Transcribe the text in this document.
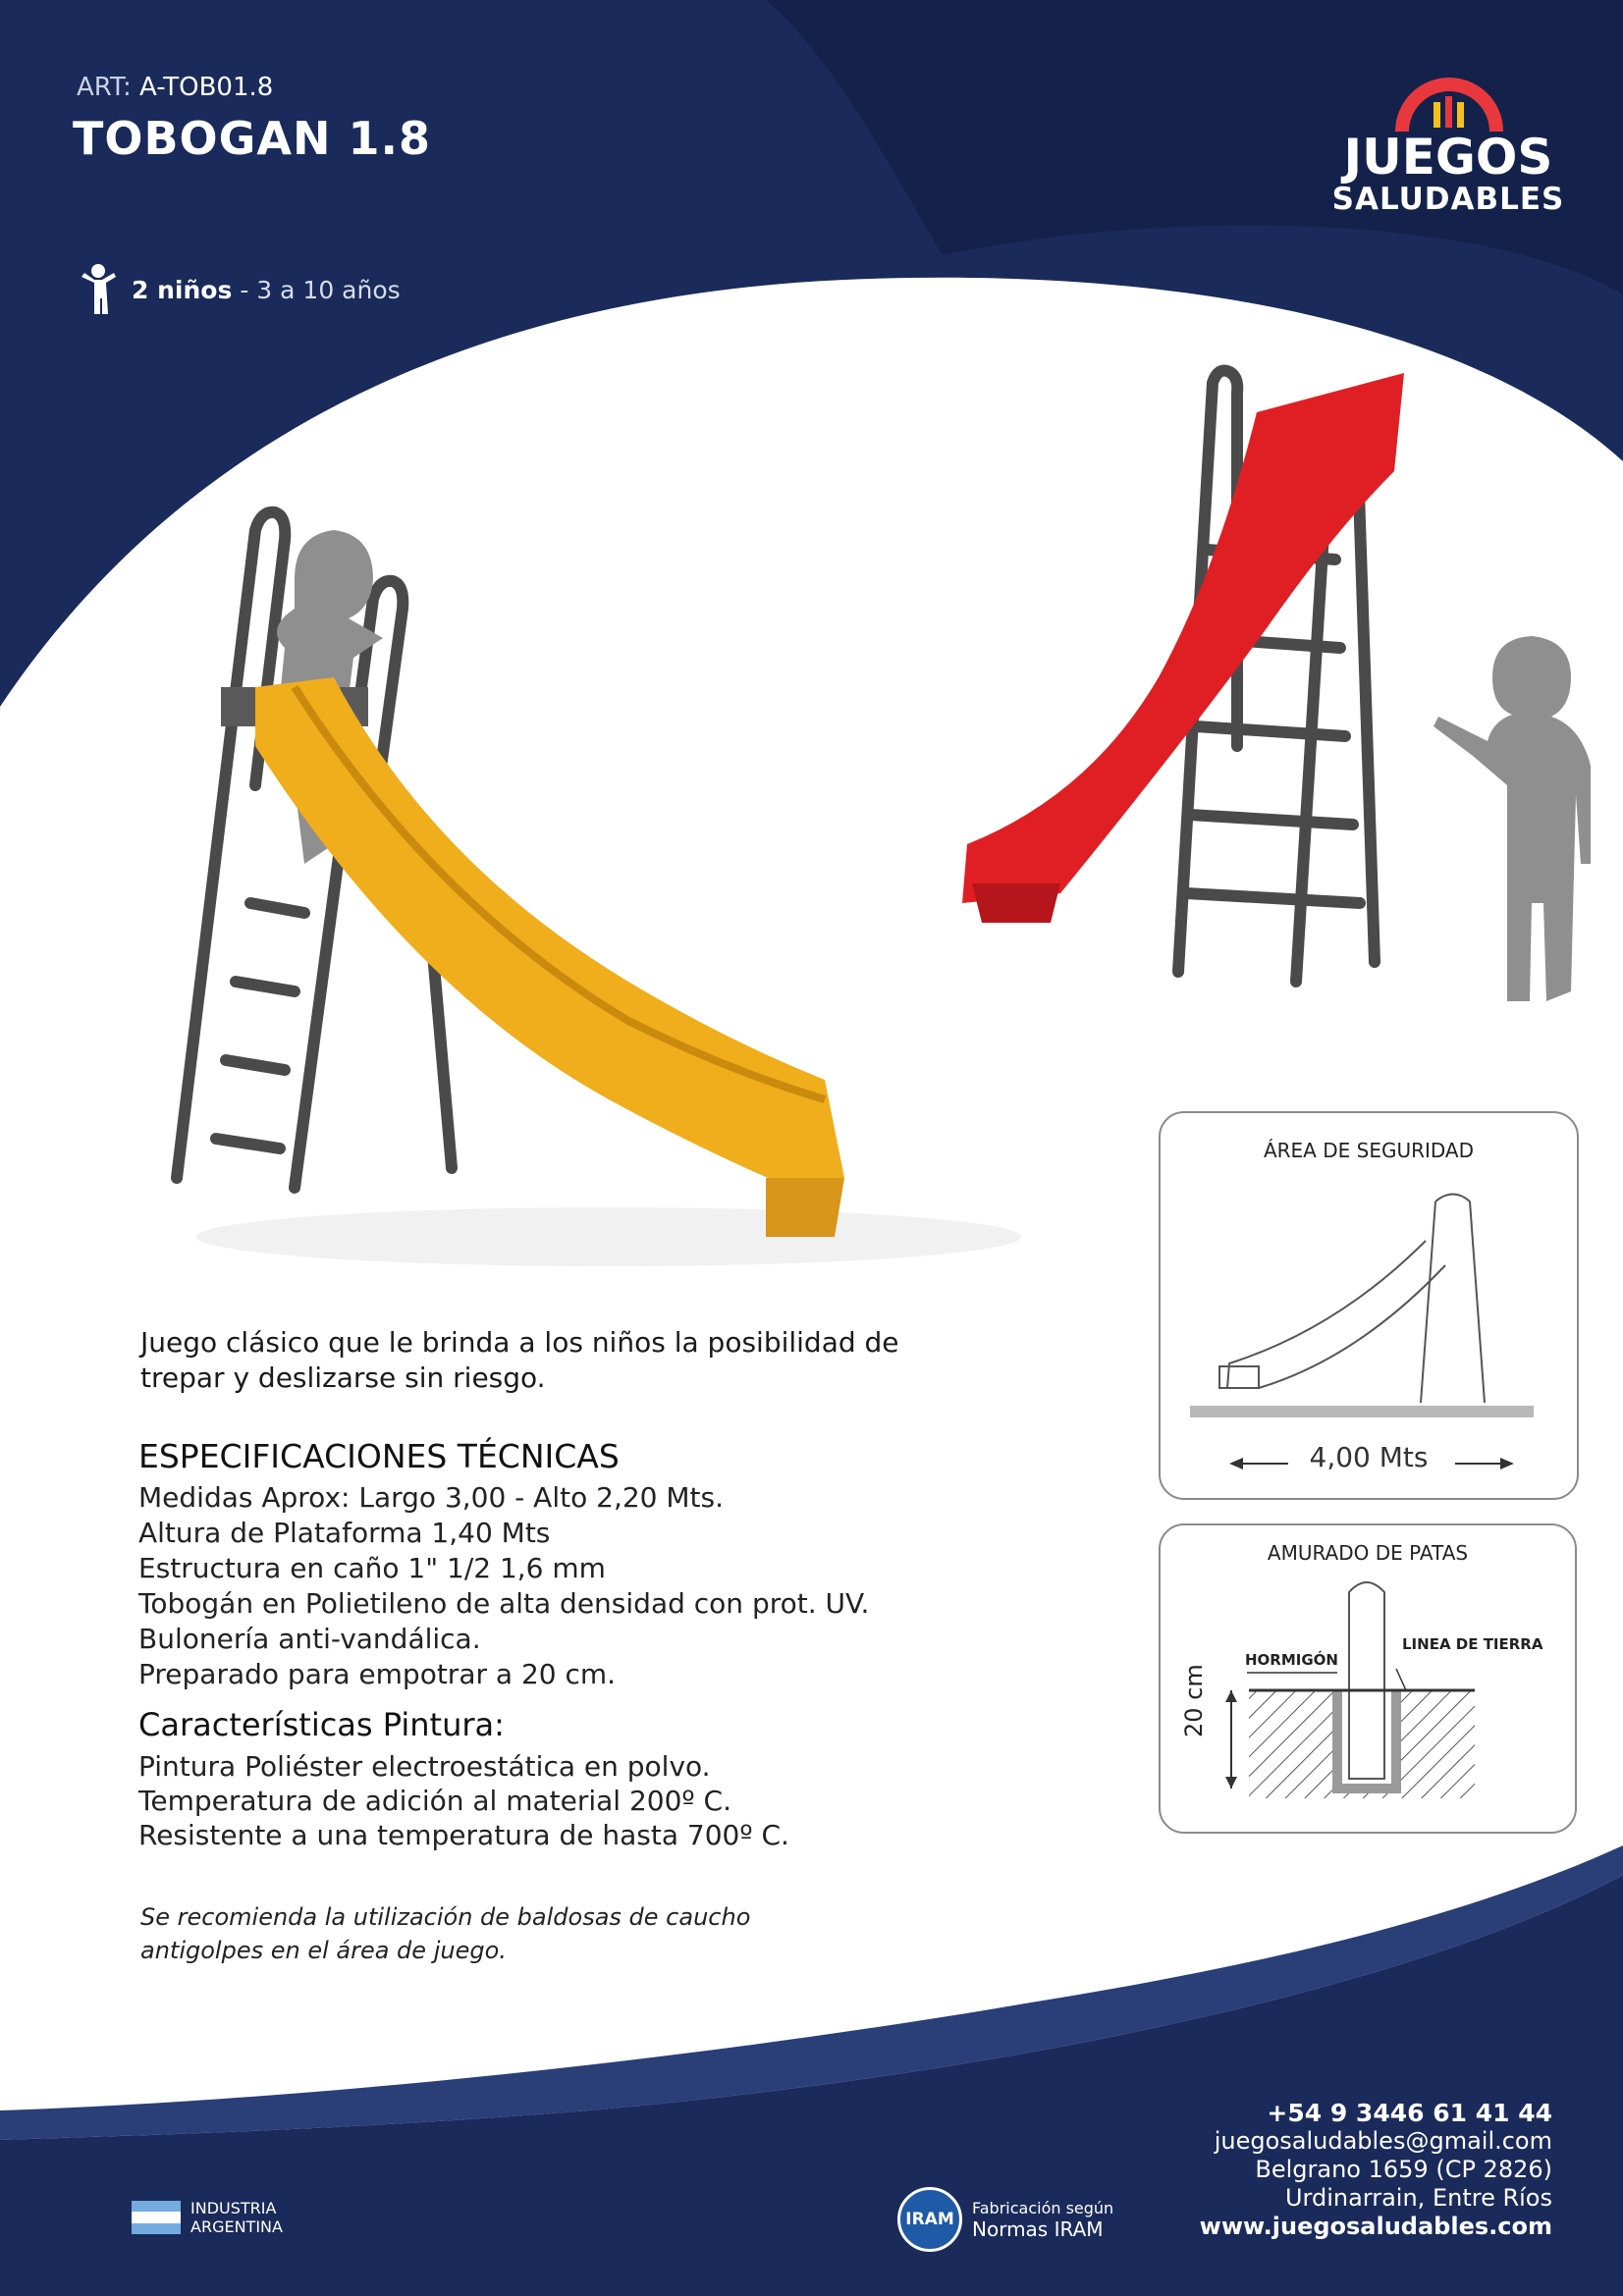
ART: A-TOB01.8
TOBOGAN 1.8
2 niños - 3 a 10 años
JUEGOS
SALUDABLES
Juego clásico que le brinda a los niños la posibilidad de trepar y deslizarse sin riesgo.
ESPECIFICACIONES TÉCNICAS
Medidas Aprox: Largo 3,00 - Alto 2,20 Mts.
Altura de Plataforma 1,40 Mts
Estructura en caño 1" 1/2 1,6 mm
Tobogán en Polietileno de alta densidad con prot. UV.
Bulonería anti-vandálica.
Preparado para empotrar a 20 cm.
Características Pintura:
Pintura Poliéster electroestática en polvo.
Temperatura de adición al material 200º C.
Resistente a una temperatura de hasta 700º C.
Se recomienda la utilización de baldosas de caucho antigolpes en el área de juego.
ÁREA DE SEGURIDAD
4,00 Mts
AMURADO DE PATAS
HORMIGÓN
LINEA DE TIERRA
20 cm
+54 9 3446 61 41 44
juegosaludables@gmail.com
Belgrano 1659 (CP 2826)
Urdinarrain, Entre Ríos
www.juegosaludables.com
INDUSTRIA
ARGENTINA	IRAM
Fabricación según
Normas IRAM
